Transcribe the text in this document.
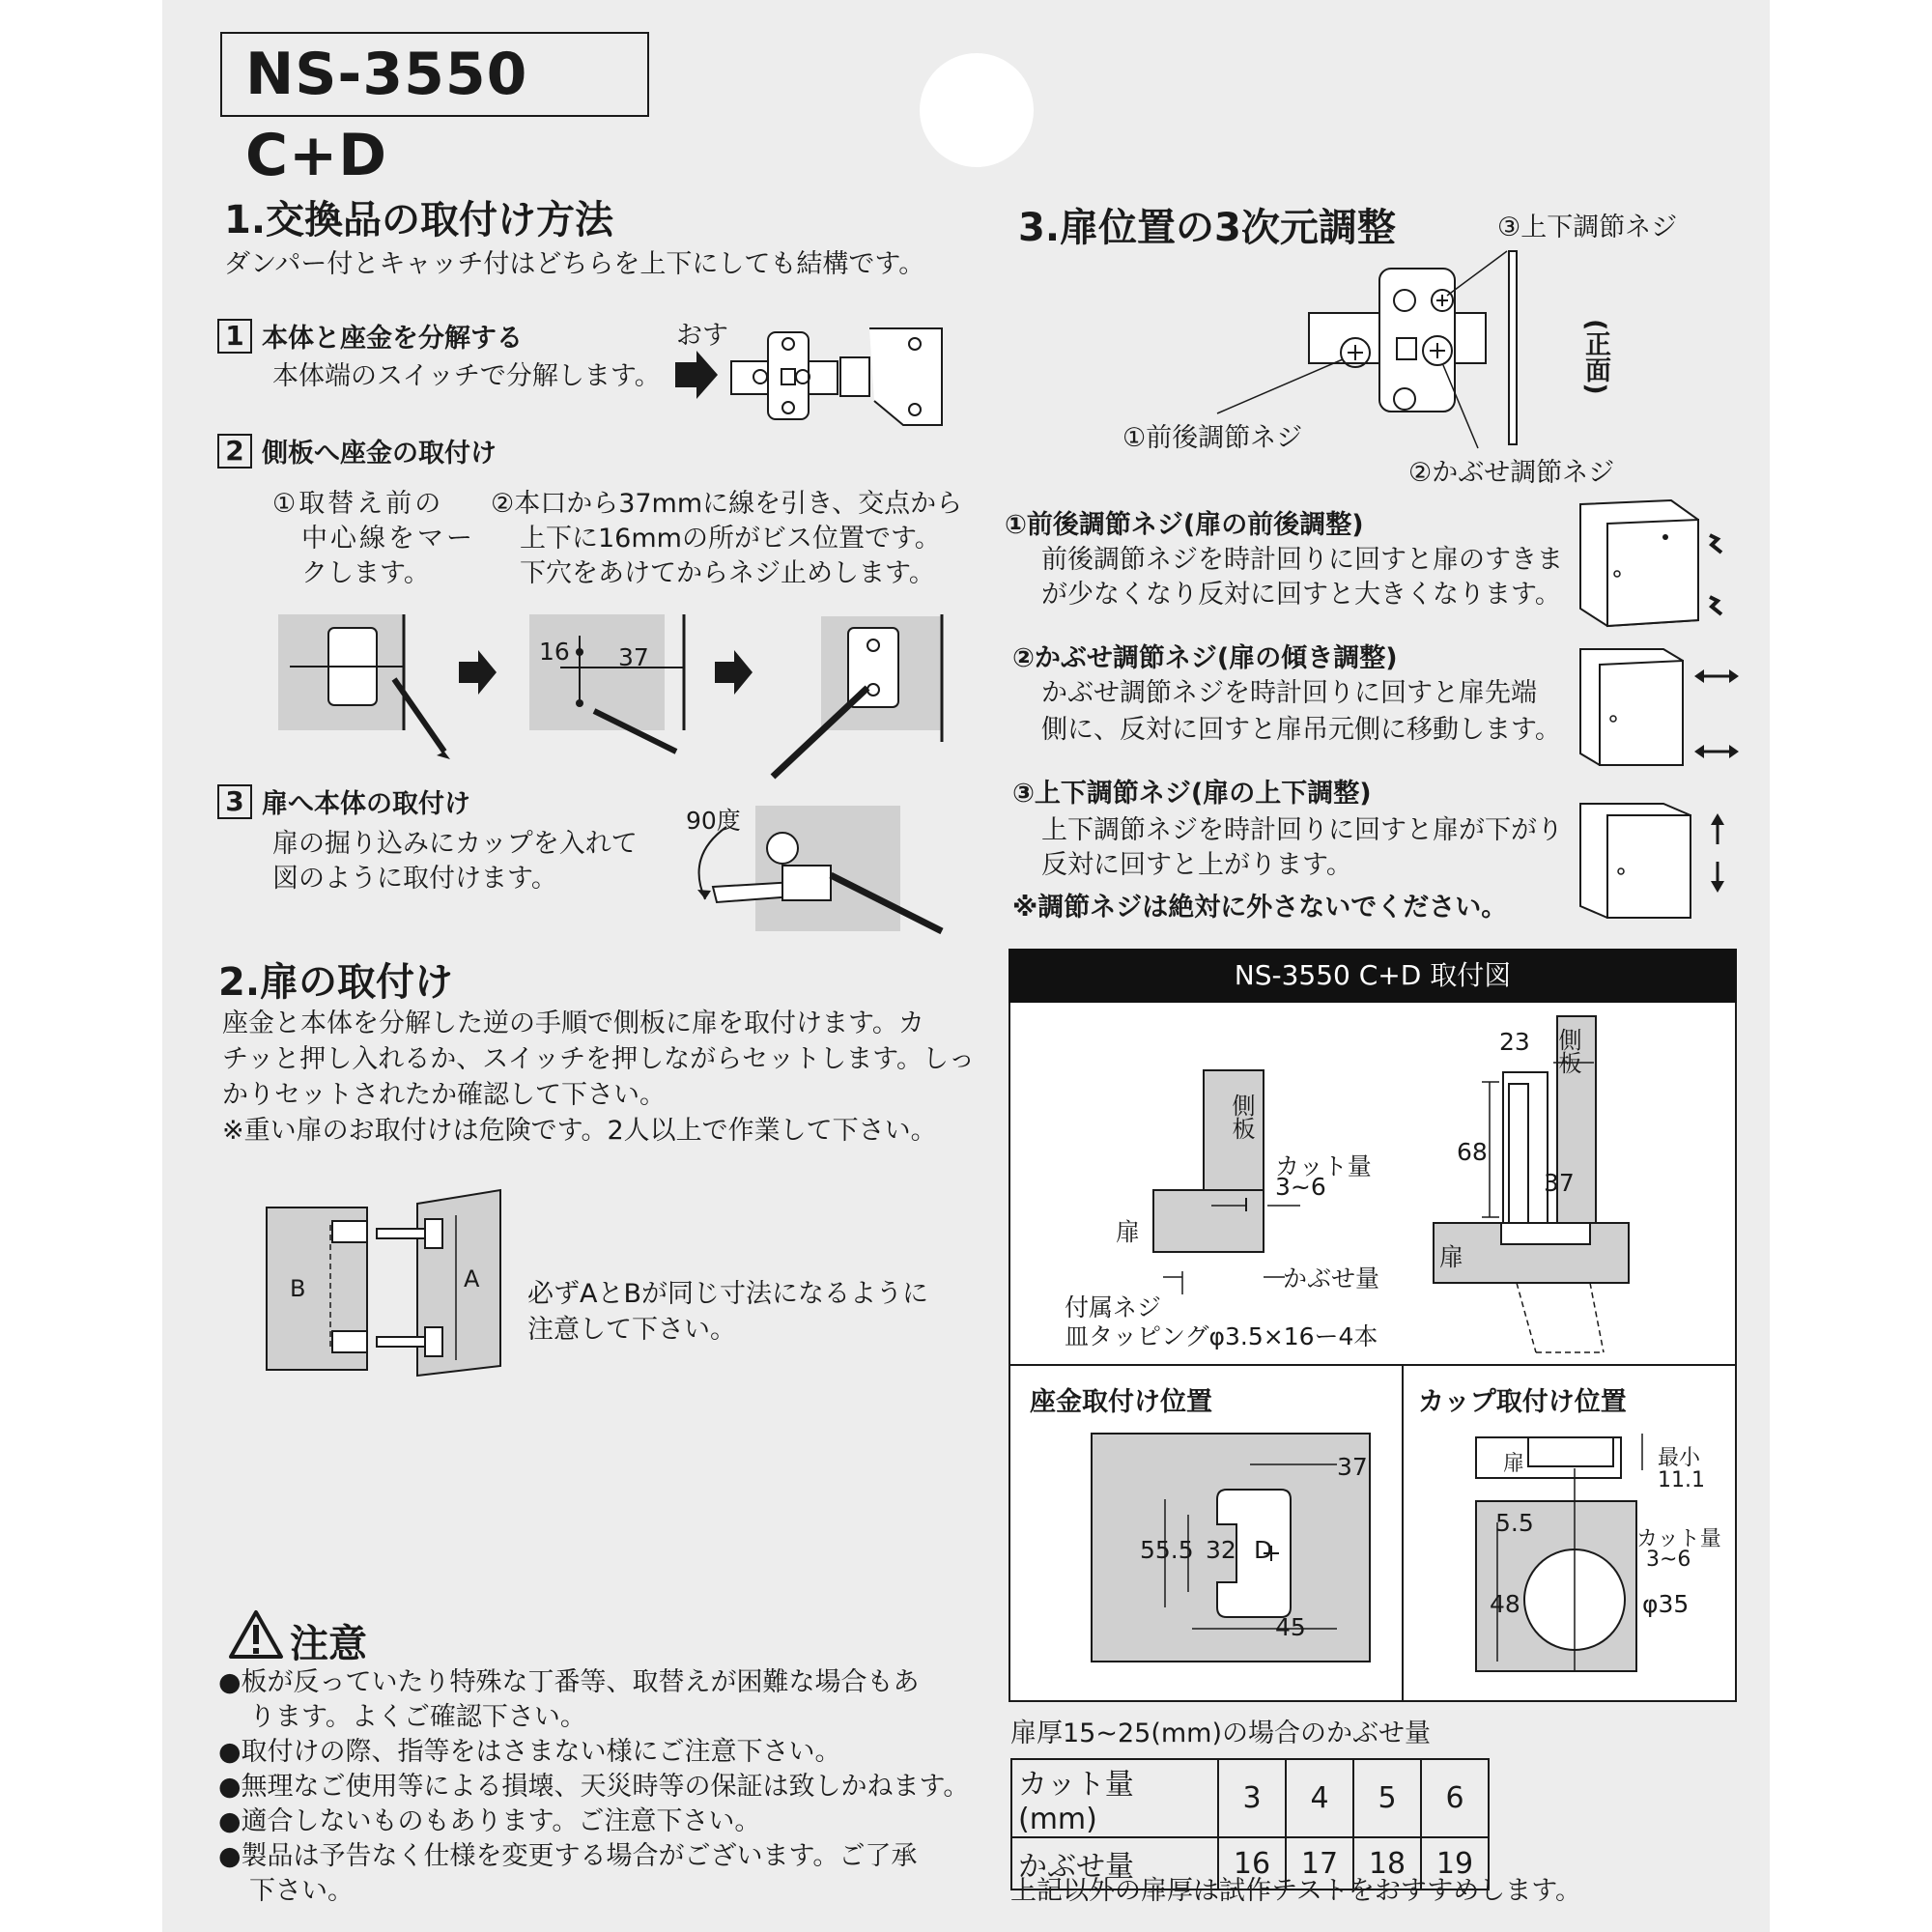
NS-3550 C+D
1.交換品の取付け方法
ダンパー付とキャッチ付はどちらを上下にしても結構です。
1 本体と座金を分解する
本体端のスイッチで分解します。
おす
2 側板へ座金の取付け
①取替え前の
中心線をマー
クします。
②本口から37mmに線を引き、交点から
上下に16mmの所がビス位置です。
下穴をあけてからネジ止めします。
16 37
3 扉へ本体の取付け
扉の掘り込みにカップを入れて
図のように取付けます。
90度
2.扉の取付け
座金と本体を分解した逆の手順で側板に扉を取付けます。カ
チッと押し入れるか、スイッチを押しながらセットします。しっ
かりセットされたか確認して下さい。
※重い扉のお取付けは危険です。2人以上で作業して下さい。
B	A 必ずAとBが同じ寸法になるように
注意して下さい。
注意
●板が反っていたり特殊な丁番等、取替えが困難な場合もあ
ります。よくご確認下さい。
●取付けの際、指等をはさまない様にご注意下さい。
●無理なご使用等による損壊、天災時等の保証は致しかねます。
●適合しないものもあります。ご注意下さい。
●製品は予告なく仕様を変更する場合がございます。ご了承
下さい。
3.扉位置の3次元調整	③上下調節ネジ
①前後調節ネジ
②かぶせ調節ネジ
(正面)
①前後調節ネジ(扉の前後調整)
前後調節ネジを時計回りに回すと扉のすきま
が少なくなり反対に回すと大きくなります。
②かぶせ調節ネジ(扉の傾き調整)
かぶせ調節ネジを時計回りに回すと扉先端
側に、反対に回すと扉吊元側に移動します。
③上下調節ネジ(扉の上下調整)
上下調節ネジを時計回りに回すと扉が下がり
反対に回すと上がります。
※調節ネジは絶対に外さないでください。
NS-3550 C+D 取付図
側板
側板
カット量
3~6
扉
かぶせ量
付属ネジ
皿タッピングφ3.5×16ー4本
23
68
37
扉
座金取付け位置
37
55.5 32 D
45
カップ取付け位置
扉	最小
11.1
5.5
カット量
3~6
48	φ35
扉厚15~25(mm)の場合のかぶせ量
カット量(mm)	3	4	5	6
かぶせ量	16	17	18	19
上記以外の扉厚は試作テストをおすすめします。
